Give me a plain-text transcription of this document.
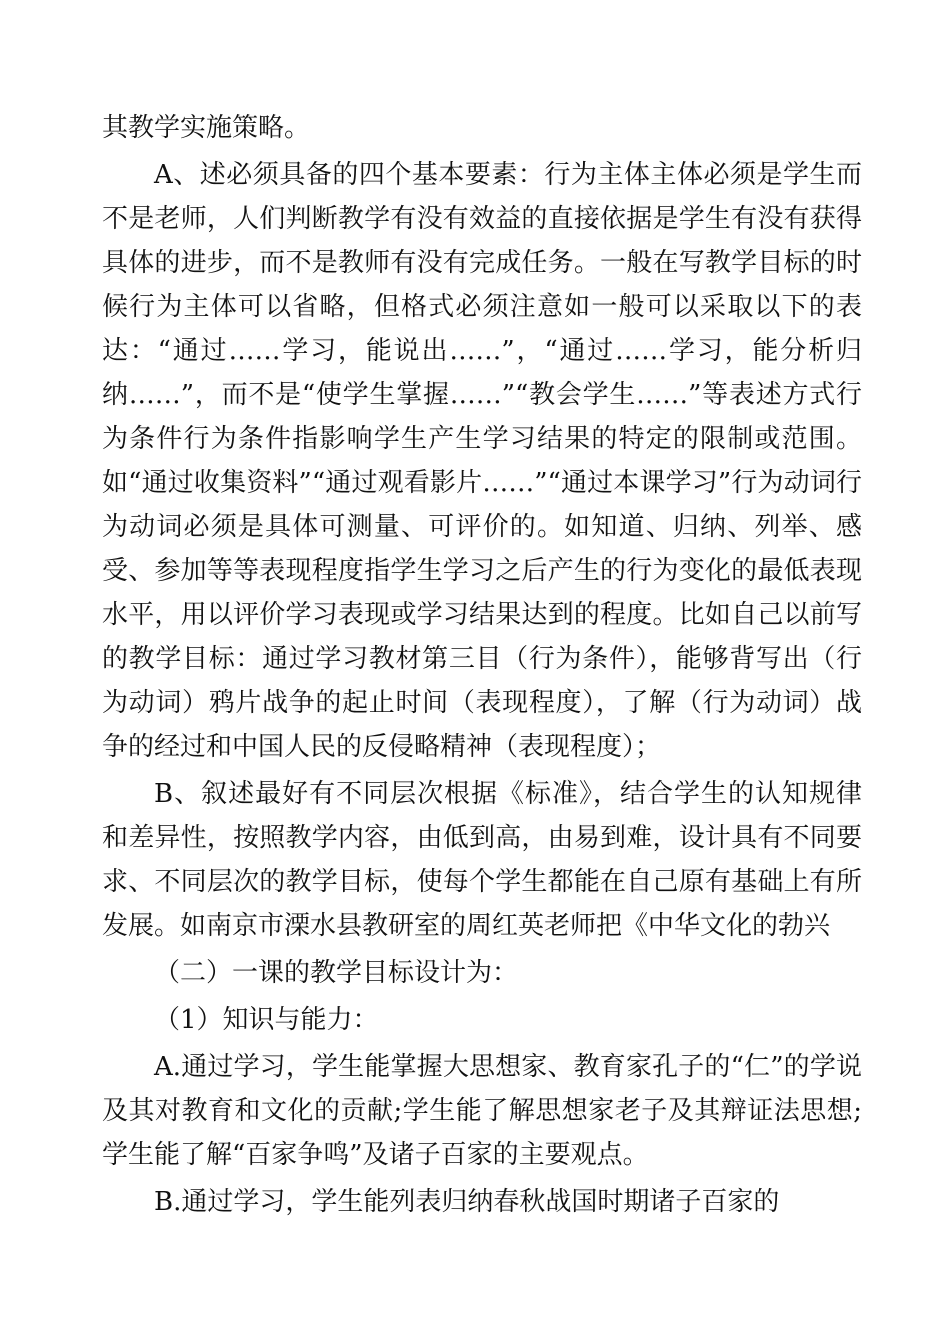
其教学实施策略。

A、述必须具备的四个基本要素：行为主体主体必须是学生而不是老师，人们判断教学有没有效益的直接依据是学生有没有获得具体的进步，而不是教师有没有完成任务。一般在写教学目标的时候行为主体可以省略，但格式必须注意如一般可以采取以下的表达：“通过……学习，能说出……”，“通过……学习，能分析归纳……”，而不是“使学生掌握……”“教会学生……”等表述方式行为条件行为条件指影响学生产生学习结果的特定的限制或范围。如“通过收集资料”“通过观看影片……”“通过本课学习”行为动词行为动词必须是具体可测量、可评价的。如知道、归纳、列举、感受、参加等等表现程度指学生学习之后产生的行为变化的最低表现水平，用以评价学习表现或学习结果达到的程度。比如自己以前写的教学目标：通过学习教材第三目（行为条件），能够背写出（行为动词）鸦片战争的起止时间（表现程度），了解（行为动词）战争的经过和中国人民的反侵略精神（表现程度）；

B、叙述最好有不同层次根据《标准》，结合学生的认知规律和差异性，按照教学内容，由低到高，由易到难，设计具有不同要求、不同层次的教学目标，使每个学生都能在自己原有基础上有所发展。如南京市溧水县教研室的周红英老师把《中华文化的勃兴

（二）一课的教学目标设计为：

（1）知识与能力：

A.通过学习，学生能掌握大思想家、教育家孔子的“仁”的学说及其对教育和文化的贡献;学生能了解思想家老子及其辩证法思想;学生能了解“百家争鸣”及诸子百家的主要观点。

B.通过学习，学生能列表归纳春秋战国时期诸子百家的
